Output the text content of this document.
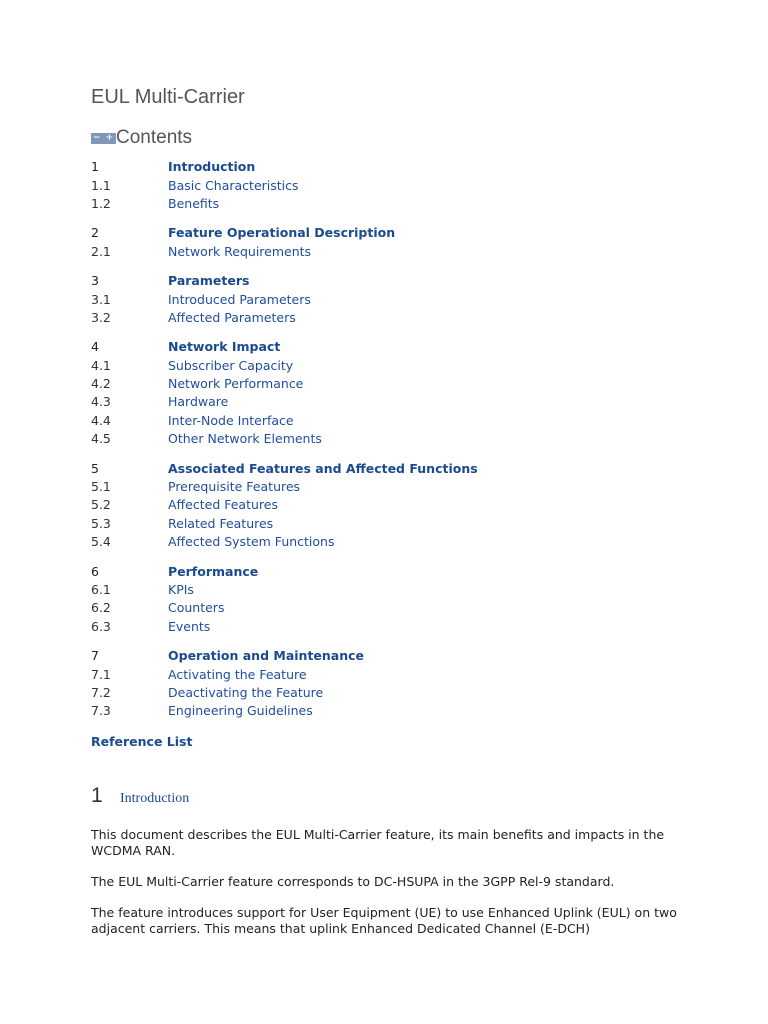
EUL Multi-Carrier
− + Contents
1	Introduction
1.1	Basic Characteristics
1.2	Benefits
2	Feature Operational Description
2.1	Network Requirements
3	Parameters
3.1	Introduced Parameters
3.2	Affected Parameters
4	Network Impact
4.1	Subscriber Capacity
4.2	Network Performance
4.3	Hardware
4.4	Inter-Node Interface
4.5	Other Network Elements
5	Associated Features and Affected Functions
5.1	Prerequisite Features
5.2	Affected Features
5.3	Related Features
5.4	Affected System Functions
6	Performance
6.1	KPIs
6.2	Counters
6.3	Events
7	Operation and Maintenance
7.1	Activating the Feature
7.2	Deactivating the Feature
7.3	Engineering Guidelines
Reference List
1	Introduction

This document describes the EUL Multi-Carrier feature, its main benefits and impacts in the WCDMA RAN.

The EUL Multi-Carrier feature corresponds to DC-HSUPA in the 3GPP Rel-9 standard.

The feature introduces support for User Equipment (UE) to use Enhanced Uplink (EUL) on two adjacent carriers. This means that uplink Enhanced Dedicated Channel (E-DCH)
